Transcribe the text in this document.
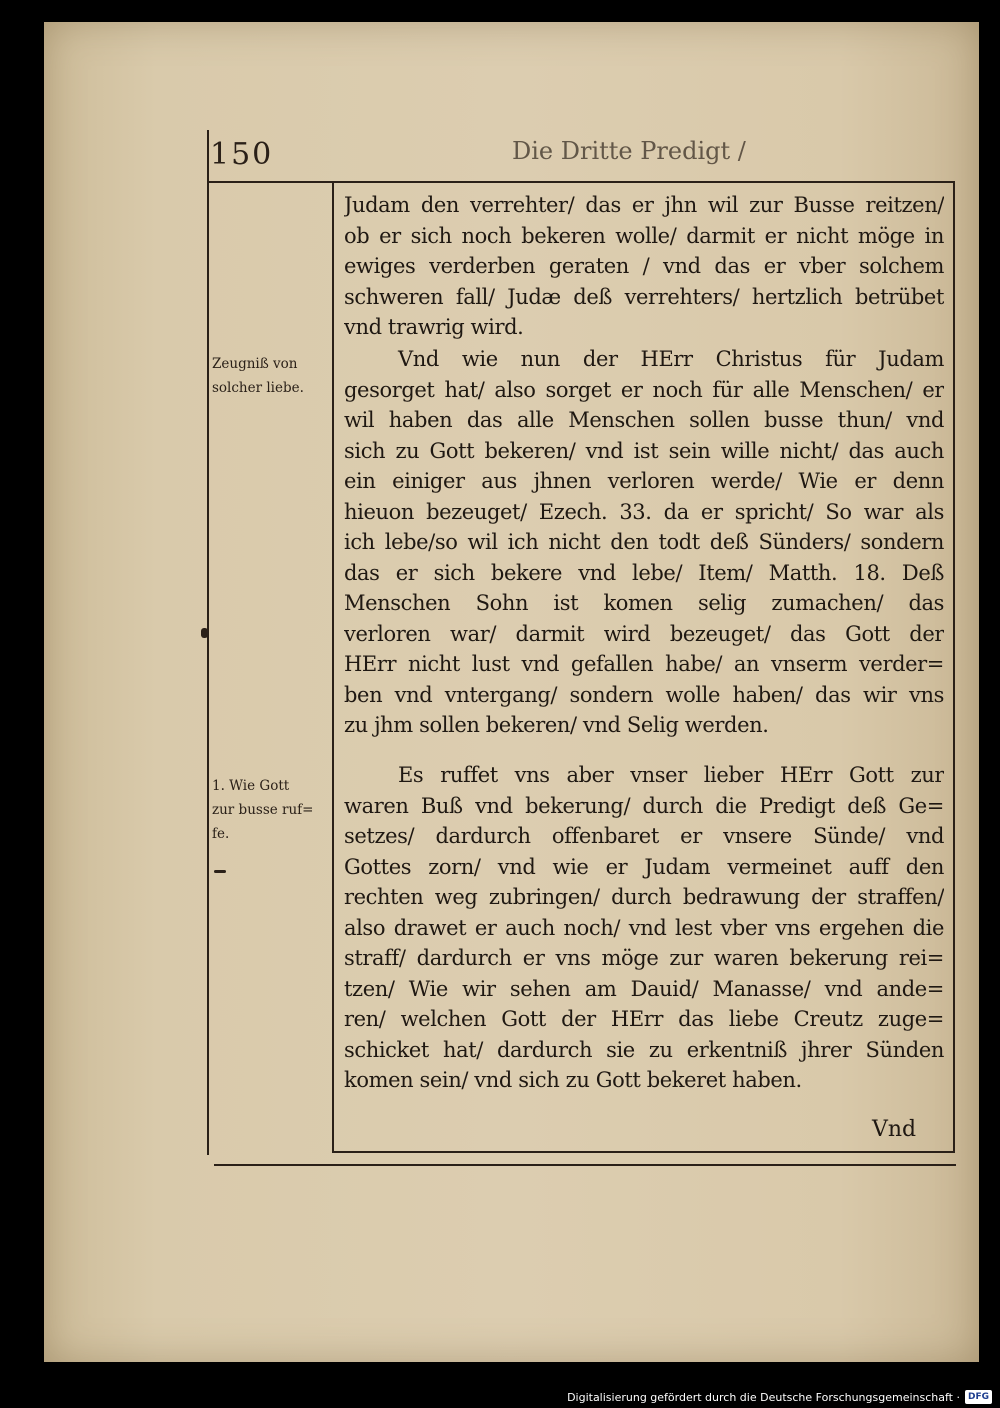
150	Die Dritte Predigt /
Zeugniß von
solcher liebe.
1. Wie Gott
zur busse ruf=
fe.
Judam den verrehter/ das er jhn wil zur Busse reitzen/
ob er sich noch bekeren wolle/ darmit er nicht möge in
ewiges verderben geraten / vnd das er vber solchem
schweren fall/ Judæ deß verrehters/ hertzlich betrübet
vnd trawrig wird.
Vnd wie nun der HErr Christus für Judam
gesorget hat/ also sorget er noch für alle Menschen/ er
wil haben das alle Menschen sollen busse thun/ vnd
sich zu Gott bekeren/ vnd ist sein wille nicht/ das auch
ein einiger aus jhnen verloren werde/ Wie er denn
hieuon bezeuget/ Ezech. 33. da er spricht/ So war als
ich lebe/so wil ich nicht den todt deß Sünders/ sondern
das er sich bekere vnd lebe/ Item/ Matth. 18. Deß
Menschen Sohn ist komen selig zumachen/ das
verloren war/ darmit wird bezeuget/ das Gott der
HErr nicht lust vnd gefallen habe/ an vnserm verder=
ben vnd vntergang/ sondern wolle haben/ das wir vns
zu jhm sollen bekeren/ vnd Selig werden.
Es ruffet vns aber vnser lieber HErr Gott zur
waren Buß vnd bekerung/ durch die Predigt deß Ge=
setzes/ dardurch offenbaret er vnsere Sünde/ vnd
Gottes zorn/ vnd wie er Judam vermeinet auff den
rechten weg zubringen/ durch bedrawung der straffen/
also drawet er auch noch/ vnd lest vber vns ergehen die
straff/ dardurch er vns möge zur waren bekerung rei=
tzen/ Wie wir sehen am Dauid/ Manasse/ vnd ande=
ren/ welchen Gott der HErr das liebe Creutz zuge=
schicket hat/ dardurch sie zu erkentniß jhrer Sünden
komen sein/ vnd sich zu Gott bekeret haben.
Vnd
Digitalisierung gefördert durch die Deutsche Forschungsgemeinschaft · DFG
